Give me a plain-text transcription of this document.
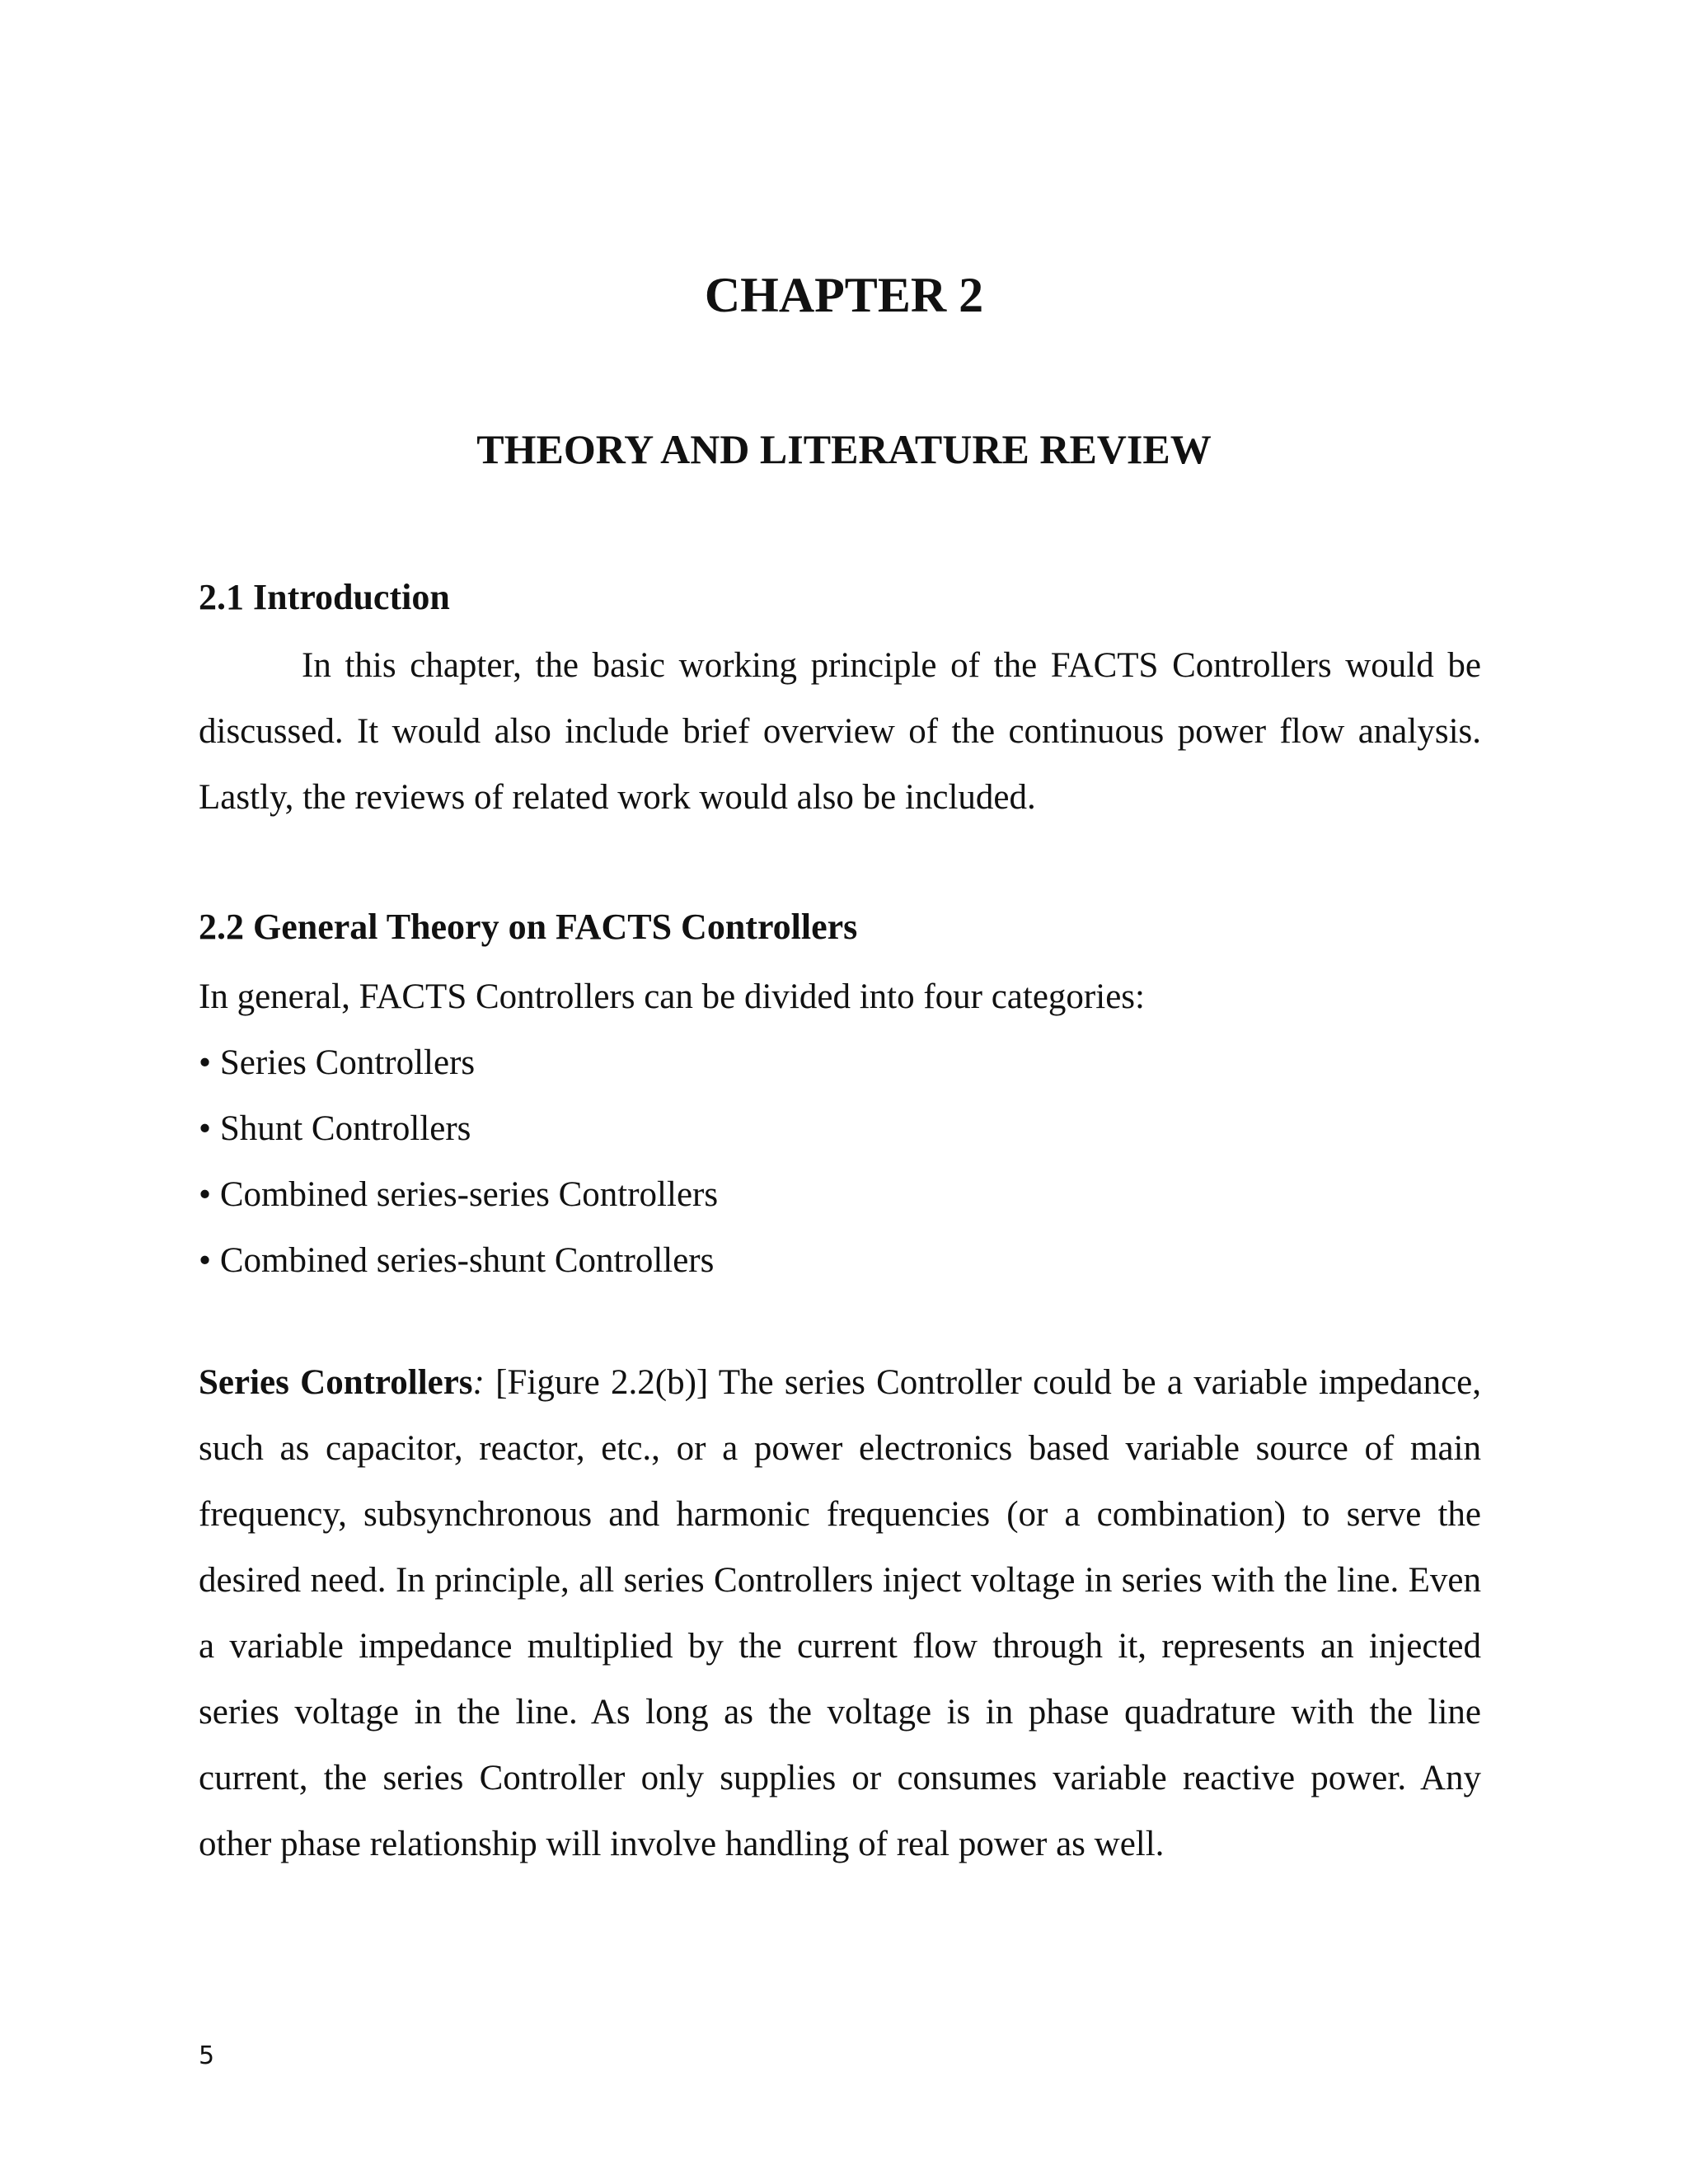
CHAPTER 2
THEORY AND LITERATURE REVIEW
2.1 Introduction

In this chapter, the basic working principle of the FACTS Controllers would be discussed. It would also include brief overview of the continuous power flow analysis. Lastly, the reviews of related work would also be included.

2.2 General Theory on FACTS Controllers

In general, FACTS Controllers can be divided into four categories:

• Series Controllers
• Shunt Controllers
• Combined series-series Controllers
• Combined series-shunt Controllers

Series Controllers: [Figure 2.2(b)] The series Controller could be a variable impedance, such as capacitor, reactor, etc., or a power electronics based variable source of main frequency, subsynchronous and harmonic frequencies (or a combination) to serve the desired need. In principle, all series Controllers inject voltage in series with the line. Even a variable impedance multiplied by the current flow through it, represents an injected series voltage in the line. As long as the voltage is in phase quadrature with the line current, the series Controller only supplies or consumes variable reactive power. Any other phase relationship will involve handling of real power as well.

5
